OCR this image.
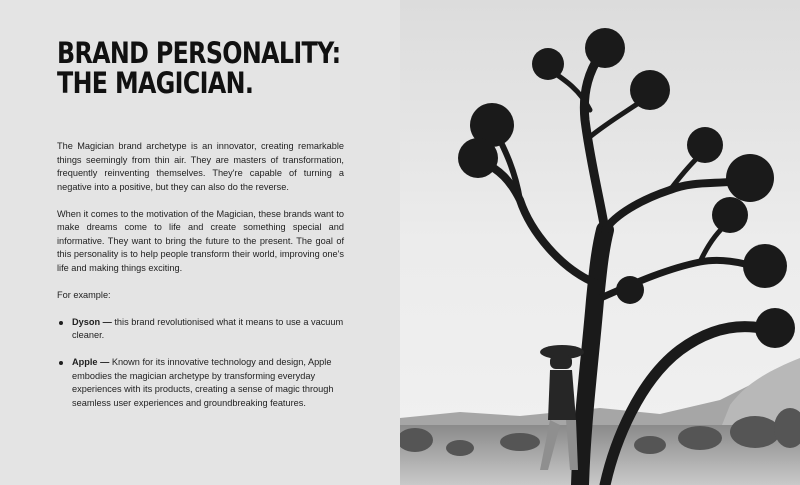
BRAND PERSONALITY:
THE MAGICIAN.

The Magician brand archetype is an innovator, creating remarkable things seemingly from thin air. They are masters of transformation, frequently reinventing themselves. They're capable of turning a negative into a positive, but they can also do the reverse.

When it comes to the motivation of the Magician, these brands want to make dreams come to life and create something special and informative. They want to bring the future to the present. The goal of this personality is to help people transform their world, improving one's life and making things exciting.

For example:

Dyson — this brand revolutionised what it means to use a vacuum cleaner.
Apple — Known for its innovative technology and design, Apple embodies the magician archetype by transforming everyday experiences with its products, creating a sense of magic through seamless user experiences and groundbreaking features.
